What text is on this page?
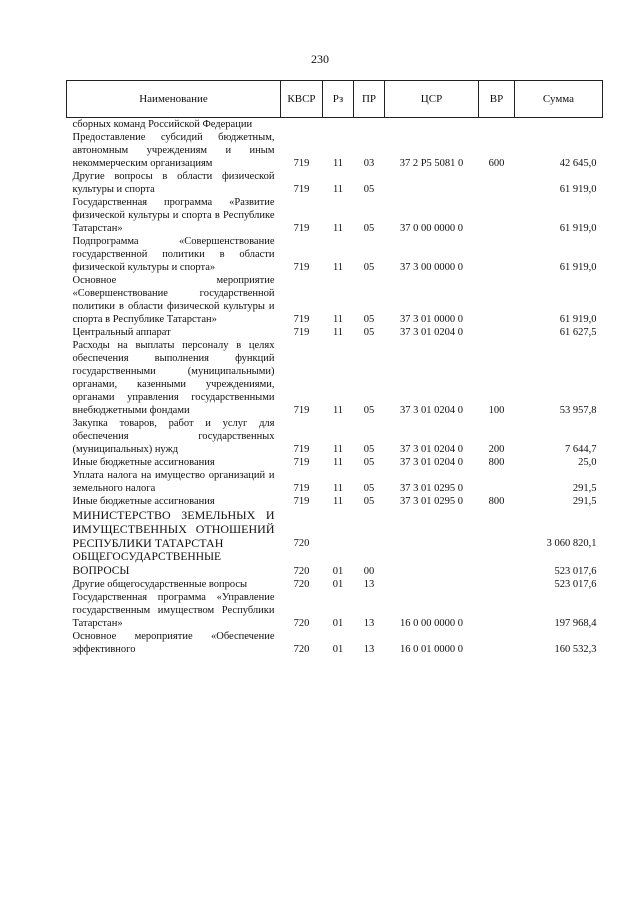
230
Наименование	КВСР	Рз	ПР	ЦСР	ВР	Сумма
сборных команд Российской Федерации						
Предоставление субсидий бюджетным, автономным учреждениям и иным некоммерческим организациям	719	11	03	37 2 P5 5081 0	600	42 645,0
Другие вопросы в области физической культуры и спорта	719	11	05			61 919,0
Государственная программа «Развитие физической культуры и спорта в Республике Татарстан»	719	11	05	37 0 00 0000 0		61 919,0
Подпрограмма «Совершенствование государственной политики в области физической культуры и спорта»	719	11	05	37 3 00 0000 0		61 919,0
Основное мероприятие «Совершенствование государственной политики в области физической культуры и спорта в Республике Татарстан»	719	11	05	37 3 01 0000 0		61 919,0
Центральный аппарат	719	11	05	37 3 01 0204 0		61 627,5
Расходы на выплаты персоналу в целях обеспечения выполнения функций государственными (муниципальными) органами, казенными учреждениями, органами управления государственными внебюджетными фондами	719	11	05	37 3 01 0204 0	100	53 957,8
Закупка товаров, работ и услуг для обеспечения государственных (муниципальных) нужд	719	11	05	37 3 01 0204 0	200	7 644,7
Иные бюджетные ассигнования	719	11	05	37 3 01 0204 0	800	25,0
Уплата налога на имущество организаций и земельного налога	719	11	05	37 3 01 0295 0		291,5
Иные бюджетные ассигнования	719	11	05	37 3 01 0295 0	800	291,5
МИНИСТЕРСТВО ЗЕМЕЛЬНЫХ И ИМУЩЕСТВЕННЫХ ОТНОШЕНИЙ РЕСПУБЛИКИ ТАТАРСТАН	720					3 060 820,1
ОБЩЕГОСУДАРСТВЕННЫЕ ВОПРОСЫ	720	01	00			523 017,6
Другие общегосударственные вопросы	720	01	13			523 017,6
Государственная программа «Управление государственным имуществом Республики Татарстан»	720	01	13	16 0 00 0000 0		197 968,4
Основное мероприятие «Обеспечение эффективного	720	01	13	16 0 01 0000 0		160 532,3
